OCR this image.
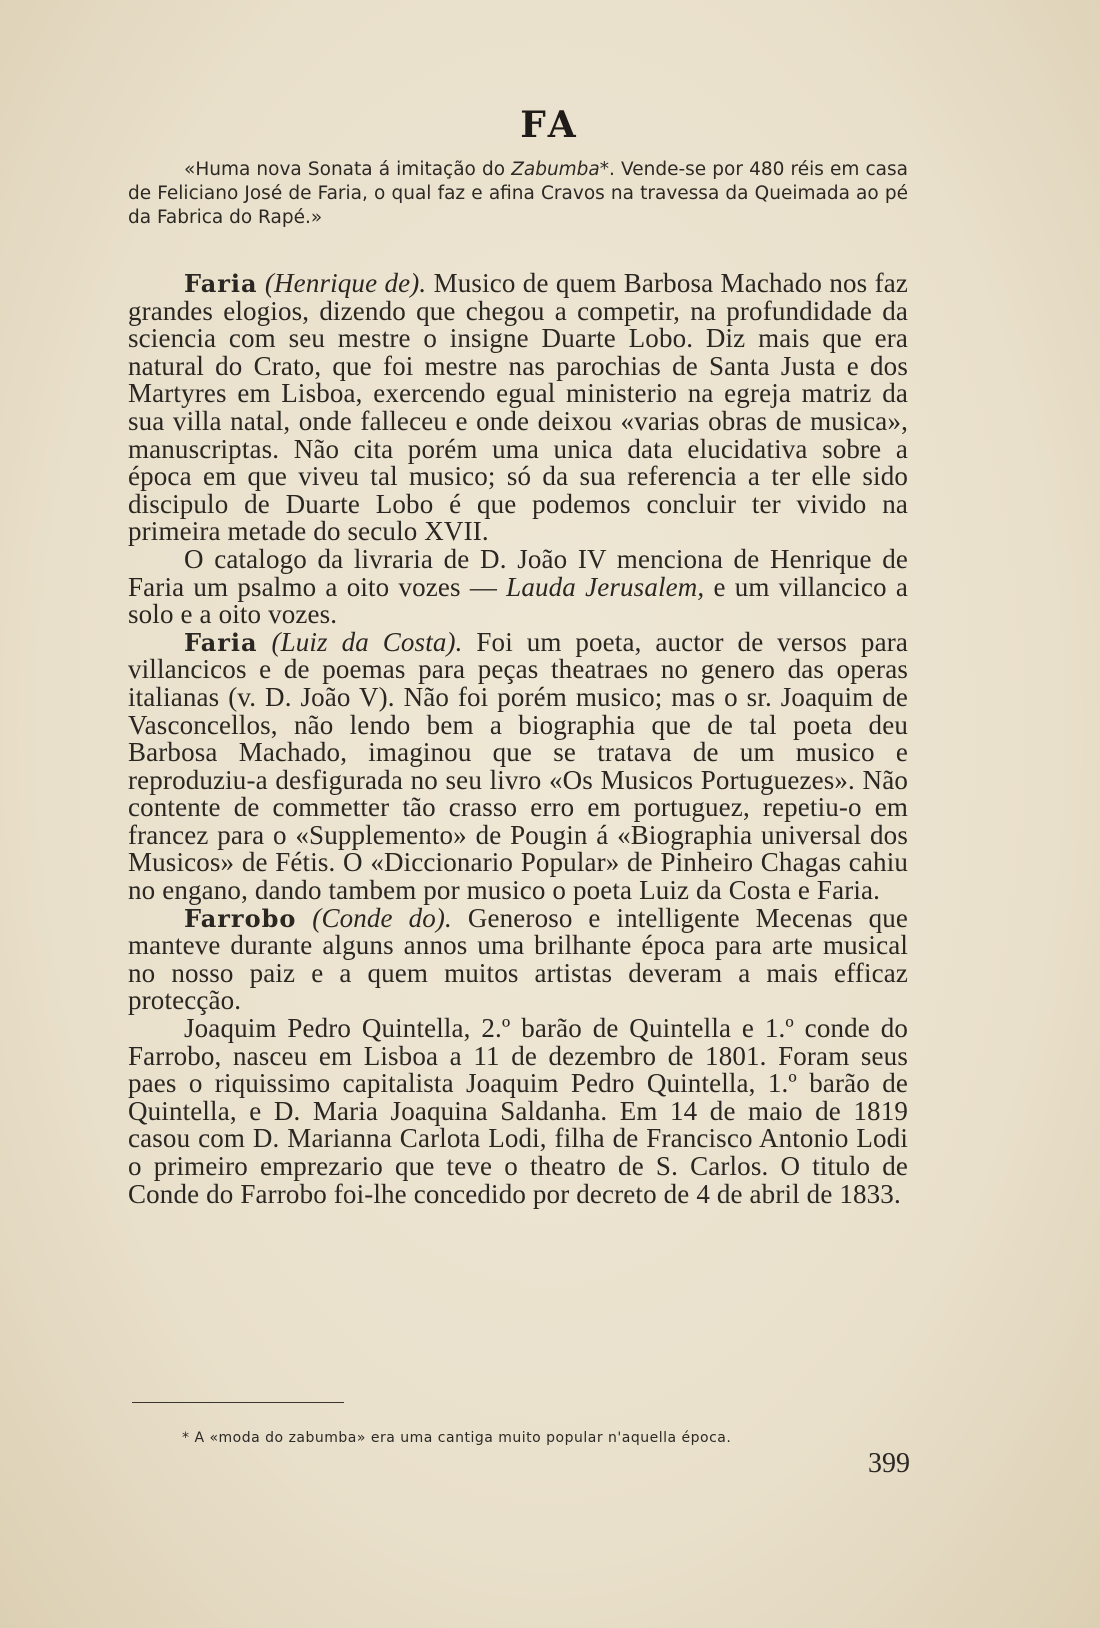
FA

«Huma nova Sonata á imitação do Zabumba*. Vende-se por 480 réis em casa de Feliciano José de Faria, o qual faz e afina Cravos na travessa da Queimada ao pé da Fabrica do Rapé.»

Faria (Henrique de). Musico de quem Barbosa Machado nos faz grandes elogios, dizendo que chegou a competir, na profundidade da sciencia com seu mestre o insigne Duarte Lobo. Diz mais que era natural do Crato, que foi mestre nas parochias de Santa Justa e dos Martyres em Lisboa, exercendo egual ministerio na egreja matriz da sua villa natal, onde falleceu e onde deixou «varias obras de musica», manuscriptas. Não cita porém uma unica data elucidativa sobre a época em que viveu tal musico; só da sua referencia a ter elle sido discipulo de Duarte Lobo é que podemos concluir ter vivido na primeira metade do seculo XVII.

O catalogo da livraria de D. João IV menciona de Henrique de Faria um psalmo a oito vozes — Lauda Jerusalem, e um villancico a solo e a oito vozes.

Faria (Luiz da Costa). Foi um poeta, auctor de versos para villancicos e de poemas para peças theatraes no genero das operas italianas (v. D. João V). Não foi porém musico; mas o sr. Joaquim de Vasconcellos, não lendo bem a biographia que de tal poeta deu Barbosa Machado, imaginou que se tratava de um musico e reproduziu-a desfigurada no seu livro «Os Musicos Portuguezes». Não contente de commetter tão crasso erro em portuguez, repetiu-o em francez para o «Supplemento» de Pougin á «Biographia universal dos Musicos» de Fétis. O «Diccionario Popular» de Pinheiro Chagas cahiu no engano, dando tambem por musico o poeta Luiz da Costa e Faria.

Farrobo (Conde do). Generoso e intelligente Mecenas que manteve durante alguns annos uma brilhante época para arte musical no nosso paiz e a quem muitos artistas deveram a mais efficaz protecção.

Joaquim Pedro Quintella, 2.º barão de Quintella e 1.º conde do Farrobo, nasceu em Lisboa a 11 de dezembro de 1801. Foram seus paes o riquissimo capitalista Joaquim Pedro Quintella, 1.º barão de Quintella, e D. Maria Joaquina Saldanha. Em 14 de maio de 1819 casou com D. Marianna Carlota Lodi, filha de Francisco Antonio Lodi o primeiro emprezario que teve o theatro de S. Carlos. O titulo de Conde do Farrobo foi-lhe concedido por decreto de 4 de abril de 1833.

* A «moda do zabumba» era uma cantiga muito popular n'aquella época.
399
